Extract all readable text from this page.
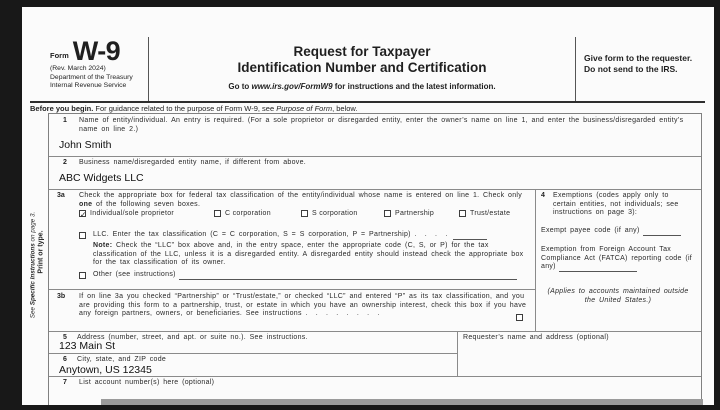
Form W-9
(Rev. March 2024)
Department of the Treasury
Internal Revenue Service
Request for Taxpayer
Identification Number and Certification
Go to www.irs.gov/FormW9 for instructions and the latest information.
Give form to the requester. Do not send to the IRS.
Before you begin. For guidance related to the purpose of Form W-9, see Purpose of Form, below.
See Specific Instructions on page 3.
Print or type.
1 Name of entity/individual. An entry is required. (For a sole proprietor or disregarded entity, enter the owner’s name on line 1, and enter the business/disregarded entity’s name on line 2.)
John Smith
2 Business name/disregarded entity name, if different from above.
ABC Widgets LLC
3a Check the appropriate box for federal tax classification of the entity/individual whose name is entered on line 1. Check only one of the following seven boxes.
✓
Individual/sole proprietor	C corporation	S corporation	Partnership	Trust/estate
LLC. Enter the tax classification (C = C corporation, S = S corporation, P = Partnership) . . . .
Note: Check the “LLC” box above and, in the entry space, enter the appropriate code (C, S, or P) for the tax classification of the LLC, unless it is a disregarded entity. A disregarded entity should instead check the appropriate box for the tax classification of its owner.
Other (see instructions)
3b If on line 3a you checked “Partnership” or “Trust/estate,” or checked “LLC” and entered “P” as its tax classification, and you are providing this form to a partnership, trust, or estate in which you have an ownership interest, check this box if you have any foreign partners, owners, or beneficiaries. See instructions . . . . . . . .
4 Exemptions (codes apply only to certain entities, not individuals; see instructions on page 3):
Exempt payee code (if any)
Exemption from Foreign Account Tax Compliance Act (FATCA) reporting code (if any)
(Applies to accounts maintained outside the United States.)
5 Address (number, street, and apt. or suite no.). See instructions.
123 Main St
Requester’s name and address (optional)
6 City, state, and ZIP code
Anytown, US 12345
7 List account number(s) here (optional)
